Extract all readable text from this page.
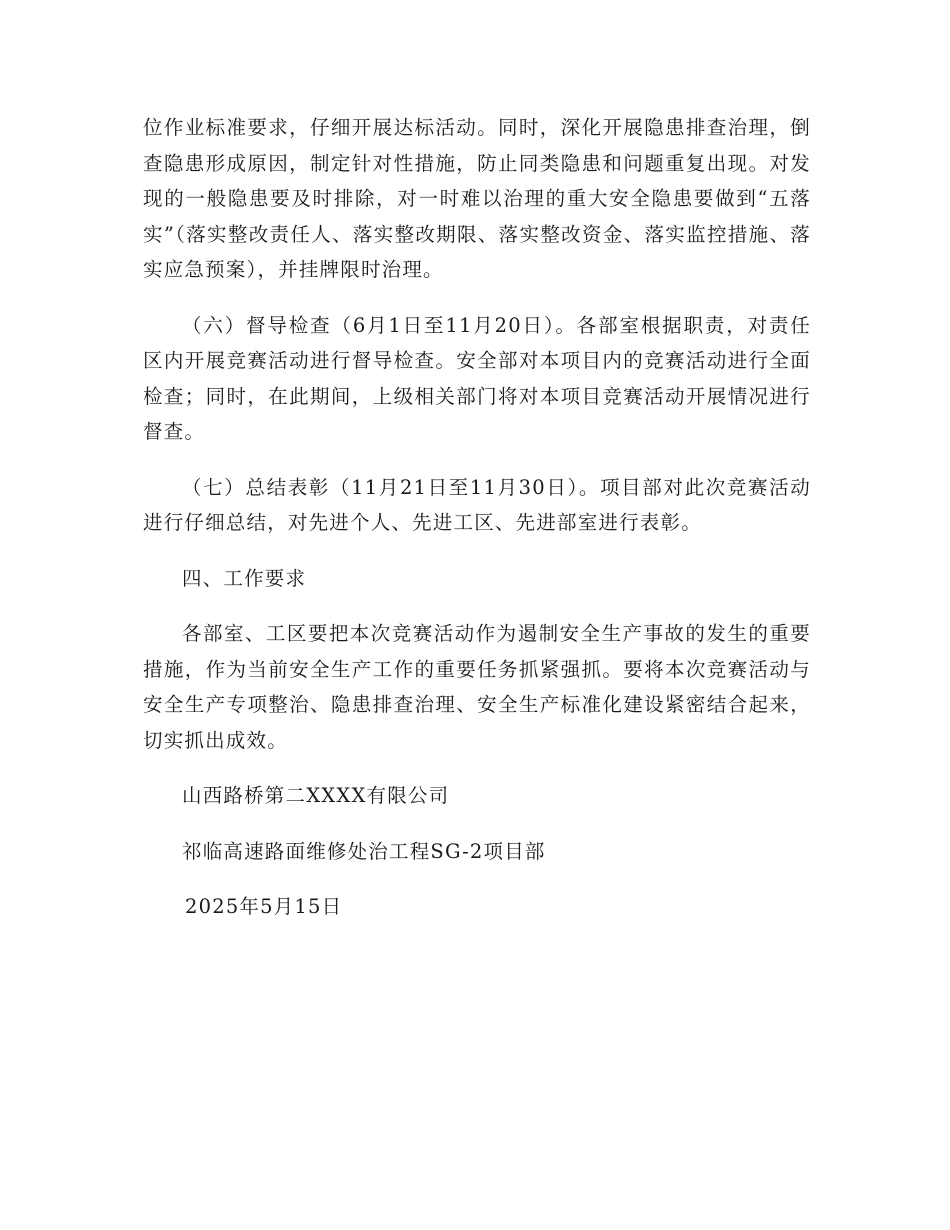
位作业标准要求，仔细开展达标活动。同时，深化开展隐患排查治理，倒查隐患形成原因，制定针对性措施，防止同类隐患和问题重复出现。对发现的一般隐患要及时排除，对一时难以治理的重大安全隐患要做到“五落实”（落实整改责任人、落实整改期限、落实整改资金、落实监控措施、落实应急预案），并挂牌限时治理。

（六）督导检查（6月1日至11月20日）。各部室根据职责，对责任区内开展竞赛活动进行督导检查。安全部对本项目内的竞赛活动进行全面检查；同时，在此期间，上级相关部门将对本项目竞赛活动开展情况进行督查。

（七）总结表彰（11月21日至11月30日）。项目部对此次竞赛活动进行仔细总结，对先进个人、先进工区、先进部室进行表彰。

四、工作要求

各部室、工区要把本次竞赛活动作为遏制安全生产事故的发生的重要措施，作为当前安全生产工作的重要任务抓紧强抓。要将本次竞赛活动与安全生产专项整治、隐患排查治理、安全生产标准化建设紧密结合起来，切实抓出成效。

山西路桥第二XXXX有限公司

祁临高速路面维修处治工程SG-2项目部

2025年5月15日
